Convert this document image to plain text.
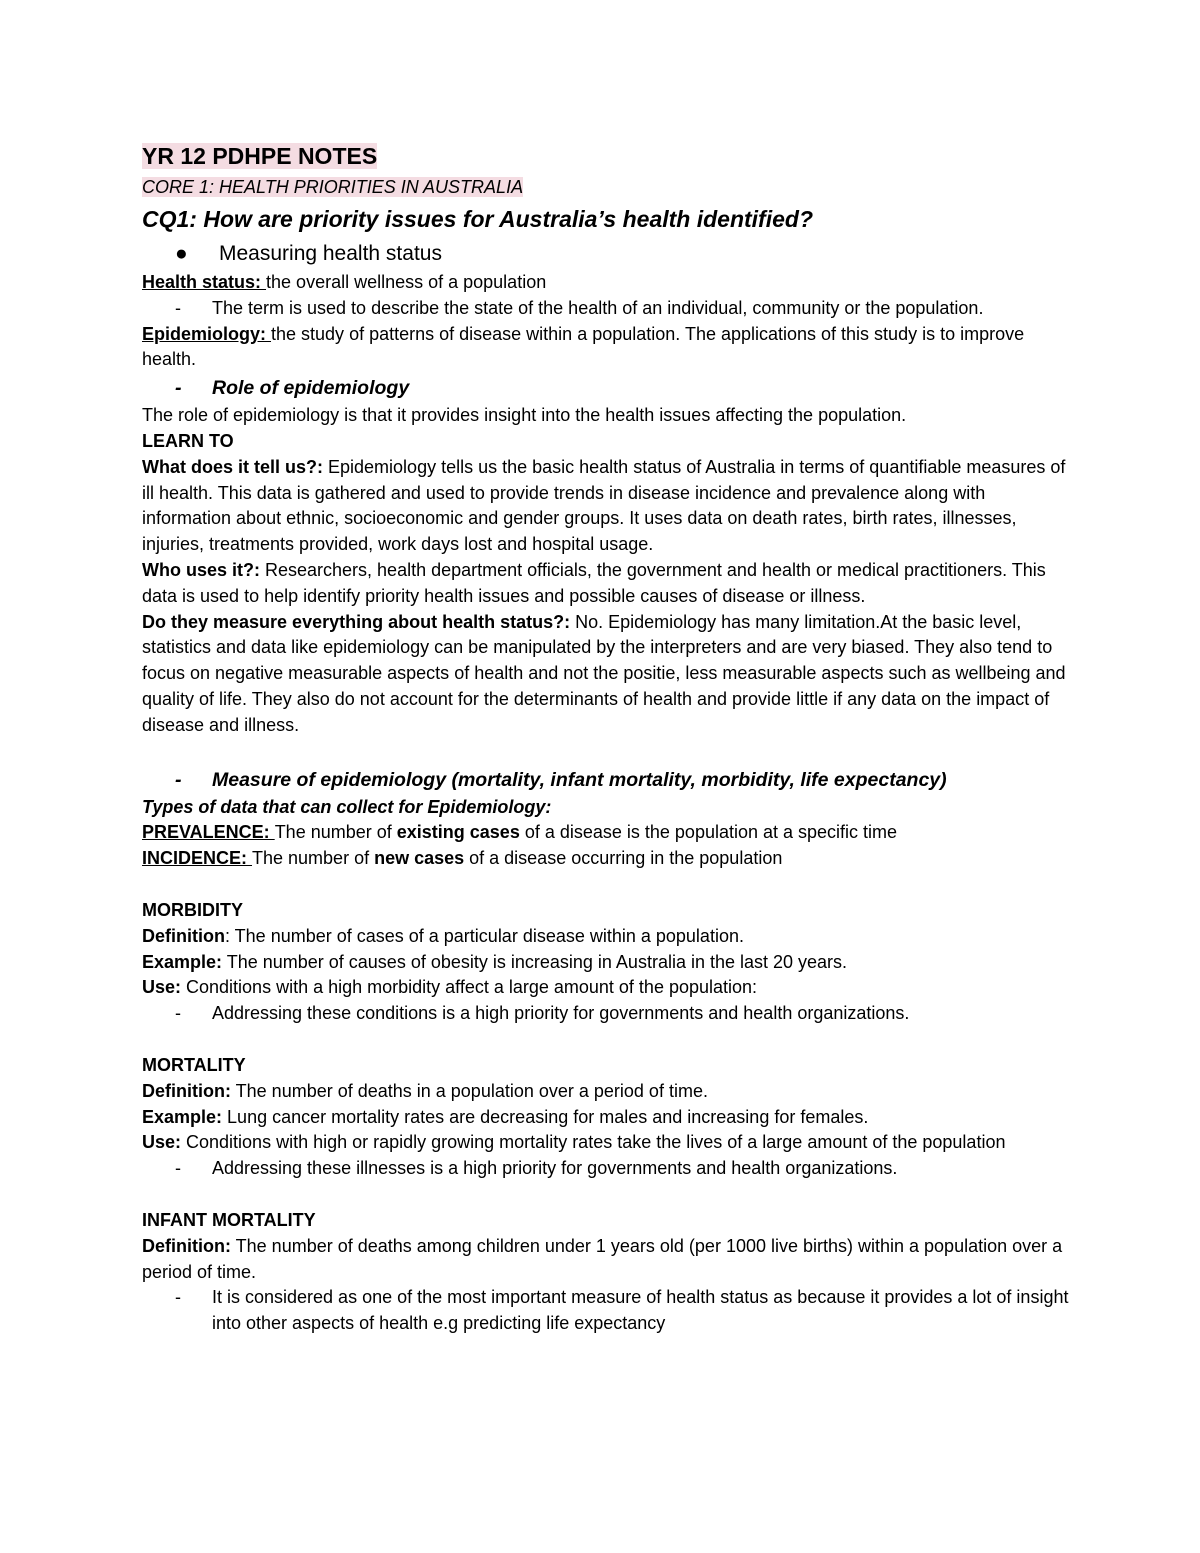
YR 12 PDHPE NOTES

CORE 1: HEALTH PRIORITIES IN AUSTRALIA

CQ1: How are priority issues for Australia’s health identified?

● Measuring health status

Health status: the overall wellness of a population

- The term is used to describe the state of the health of an individual, community or the population.

Epidemiology: the study of patterns of disease within a population. The applications of this study is to improve health.

- Role of epidemiology

The role of epidemiology is that it provides insight into the health issues affecting the population.

LEARN TO

What does it tell us?: Epidemiology tells us the basic health status of Australia in terms of quantifiable measures of ill health. This data is gathered and used to provide trends in disease incidence and prevalence along with information about ethnic, socioeconomic and gender groups. It uses data on death rates, birth rates, illnesses, injuries, treatments provided, work days lost and hospital usage.

Who uses it?: Researchers, health department officials, the government and health or medical practitioners. This data is used to help identify priority health issues and possible causes of disease or illness.

Do they measure everything about health status?: No. Epidemiology has many limitation.At the basic level, statistics and data like epidemiology can be manipulated by the interpreters and are very biased. They also tend to focus on negative measurable aspects of health and not the positie, less measurable aspects such as wellbeing and quality of life. They also do not account for the determinants of health and provide little if any data on the impact of disease and illness.

- Measure of epidemiology (mortality, infant mortality, morbidity, life expectancy)

Types of data that can collect for Epidemiology:

PREVALENCE: The number of existing cases of a disease is the population at a specific time

INCIDENCE: The number of new cases of a disease occurring in the population

MORBIDITY

Definition: The number of cases of a particular disease within a population.

Example: The number of causes of obesity is increasing in Australia in the last 20 years.

Use: Conditions with a high morbidity affect a large amount of the population:

- Addressing these conditions is a high priority for governments and health organizations.

MORTALITY

Definition: The number of deaths in a population over a period of time.

Example: Lung cancer mortality rates are decreasing for males and increasing for females.

Use: Conditions with high or rapidly growing mortality rates take the lives of a large amount of the population

- Addressing these illnesses is a high priority for governments and health organizations.

INFANT MORTALITY

Definition: The number of deaths among children under 1 years old (per 1000 live births) within a population over a period of time.

- It is considered as one of the most important measure of health status as because it provides a lot of insight into other aspects of health e.g predicting life expectancy
